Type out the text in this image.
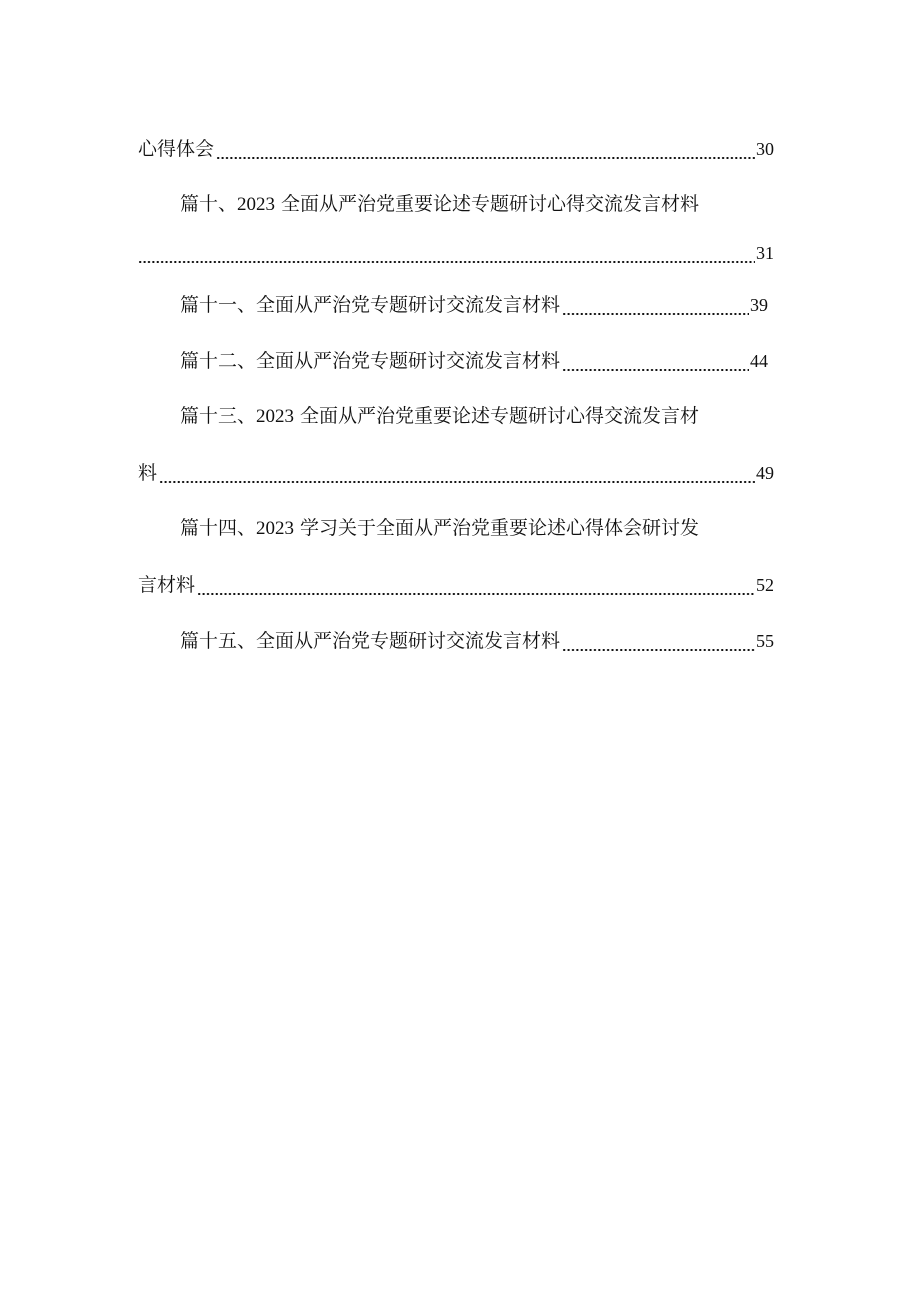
心得体会	30
篇十、2023 全面从严治党重要论述专题研讨心得交流发言材料
31
篇十一、全面从严治党专题研讨交流发言材料	39
篇十二、全面从严治党专题研讨交流发言材料	44
篇十三、2023 全面从严治党重要论述专题研讨心得交流发言材
料	49
篇十四、2023 学习关于全面从严治党重要论述心得体会研讨发
言材料	52
篇十五、全面从严治党专题研讨交流发言材料	55
